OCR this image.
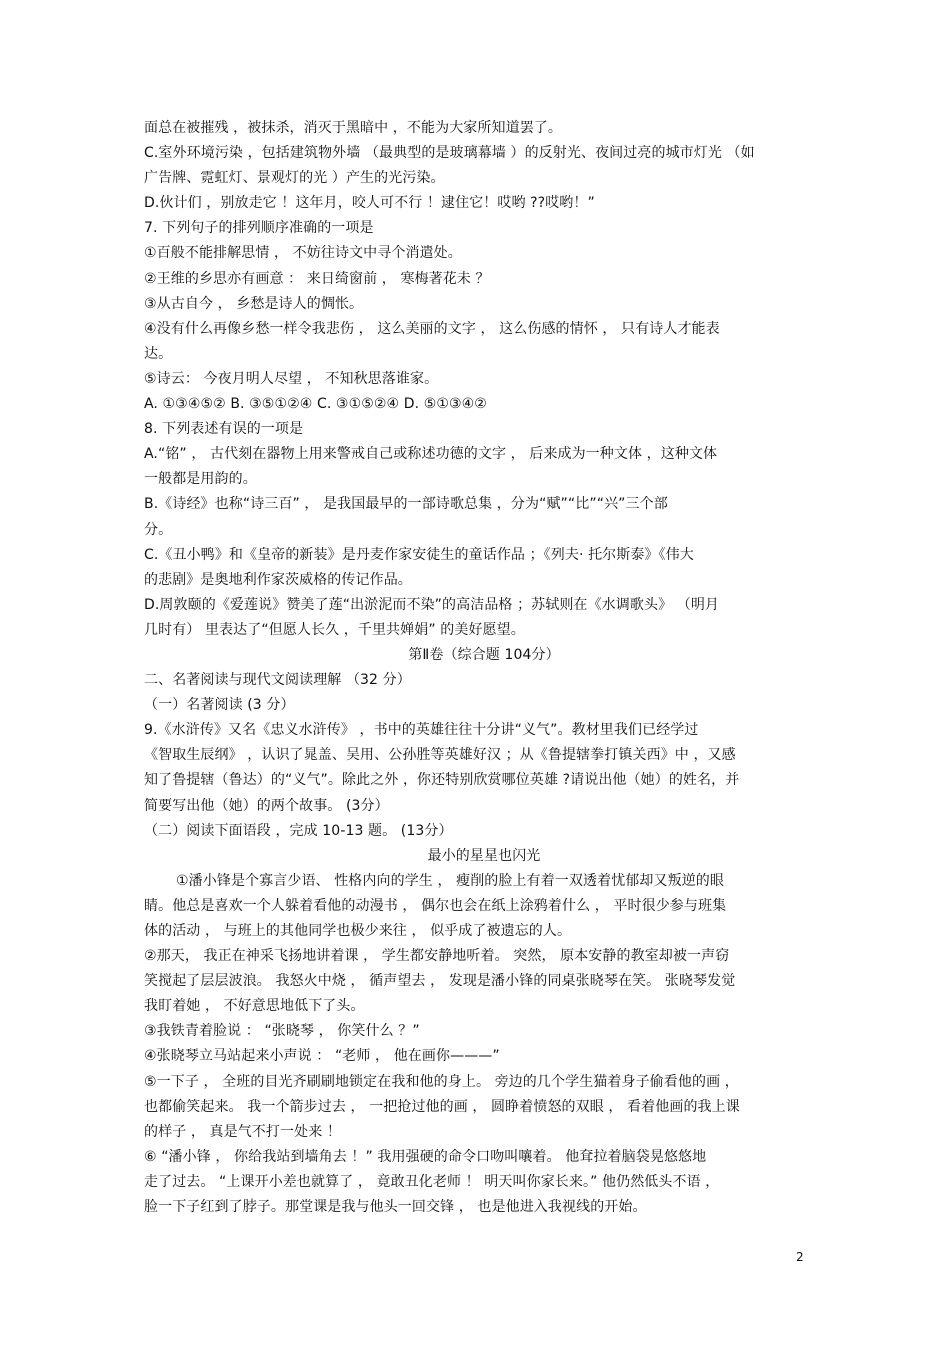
面总在被摧残 ，被抹杀，消灭于黑暗中 ，不能为大家所知道罢了。
C.室外环境污染 ，包括建筑物外墙 （最典型的是玻璃幕墙 ）的反射光、夜间过亮的城市灯光 （如
广告牌、霓虹灯、景观灯的光 ）产生的光污染。
D.伙计们 ，别放走它 ！这年月，咬人可不行 ！逮住它！哎哟 ??哎哟！”
7. 下列句子的排列顺序准确的一项是
①百般不能排解思情 ， 不妨往诗文中寻个消遣处。
②王维的乡思亦有画意 ： 来日绮窗前 ， 寒梅著花未 ？
③从古自今 ， 乡愁是诗人的惆怅。
④没有什么再像乡愁一样令我悲伤 ， 这么美丽的文字 ， 这么伤感的情怀 ， 只有诗人才能表
达。
⑤诗云： 今夜月明人尽望 ， 不知秋思落谁家。
A. ①③④⑤② B. ③⑤①②④ C. ③①⑤②④ D. ⑤①③④②
8. 下列表述有误的一项是
A.“铭” ， 古代刻在器物上用来警戒自己或称述功德的文字 ， 后来成为一种文体 ，这种文体
一般都是用韵的。
B.《诗经》也称“诗三百” ， 是我国最早的一部诗歌总集 ，分为“赋”“比”“兴”三个部
分。
C.《丑小鸭》和《皇帝的新装》是丹麦作家安徒生的童话作品 ；《列夫· 托尔斯泰》《伟大
的悲剧》是奥地利作家茨威格的传记作品。
D.周敦颐的《爱莲说》赞美了莲“出淤泥而不染”的高洁品格 ；苏轼则在《水调歌头》 （明月
几时有） 里表达了“但愿人长久 ，千里共婵娟” 的美好愿望。
第Ⅱ卷（综合题 104分）
二、名著阅读与现代文阅读理解 （32 分）
（一）名著阅读 (3 分）
9.《水浒传》又名《忠义水浒传》 ，书中的英雄往往十分讲“义气”。教材里我们已经学过
《智取生辰纲》 ，认识了晁盖、吴用、公孙胜等英雄好汉 ；从《鲁提辖拳打镇关西》中 ，又感
知了鲁提辖（鲁达）的“义气”。除此之外 ，你还特别欣赏哪位英雄 ?请说出他（她）的姓名，并
简要写出他（她）的两个故事。 (3分）
（二）阅读下面语段 ，完成 10-13 题。 (13分）
最小的星星也闪光
①潘小锋是个寡言少语、 性格内向的学生 ， 瘦削的脸上有着一双透着忧郁却又叛逆的眼
睛。他总是喜欢一个人躲着看他的动漫书 ， 偶尔也会在纸上涂鸦着什么 ， 平时很少参与班集
体的活动 ， 与班上的其他同学也极少来往 ， 似乎成了被遗忘的人。
②那天， 我正在神采飞扬地讲着课 ， 学生都安静地听着。 突然， 原本安静的教室却被一声窃
笑搅起了层层波浪。 我怒火中烧 ， 循声望去 ， 发现是潘小锋的同桌张晓琴在笑。 张晓琴发觉
我盯着她 ， 不好意思地低下了头。
③我铁青着脸说 ： “张晓琴 ， 你笑什么 ？”
④张晓琴立马站起来小声说 ： “老师 ， 他在画你———”
⑤一下子 ， 全班的目光齐刷刷地锁定在我和他的身上。 旁边的几个学生猫着身子偷看他的画 ，
也都偷笑起来。 我一个箭步过去 ， 一把抢过他的画 ， 圆睁着愤怒的双眼 ， 看着他画的我上课
的样子 ， 真是气不打一处来 ！
⑥ “潘小锋 ， 你给我站到墙角去 ！” 我用强硬的命令口吻叫嚷着。 他耷拉着脑袋晃悠悠地
走了过去。 “上课开小差也就算了 ， 竟敢丑化老师 ！ 明天叫你家长来。” 他仍然低头不语 ，
脸一下子红到了脖子。那堂课是我与他头一回交锋 ， 也是他进入我视线的开始。
2
